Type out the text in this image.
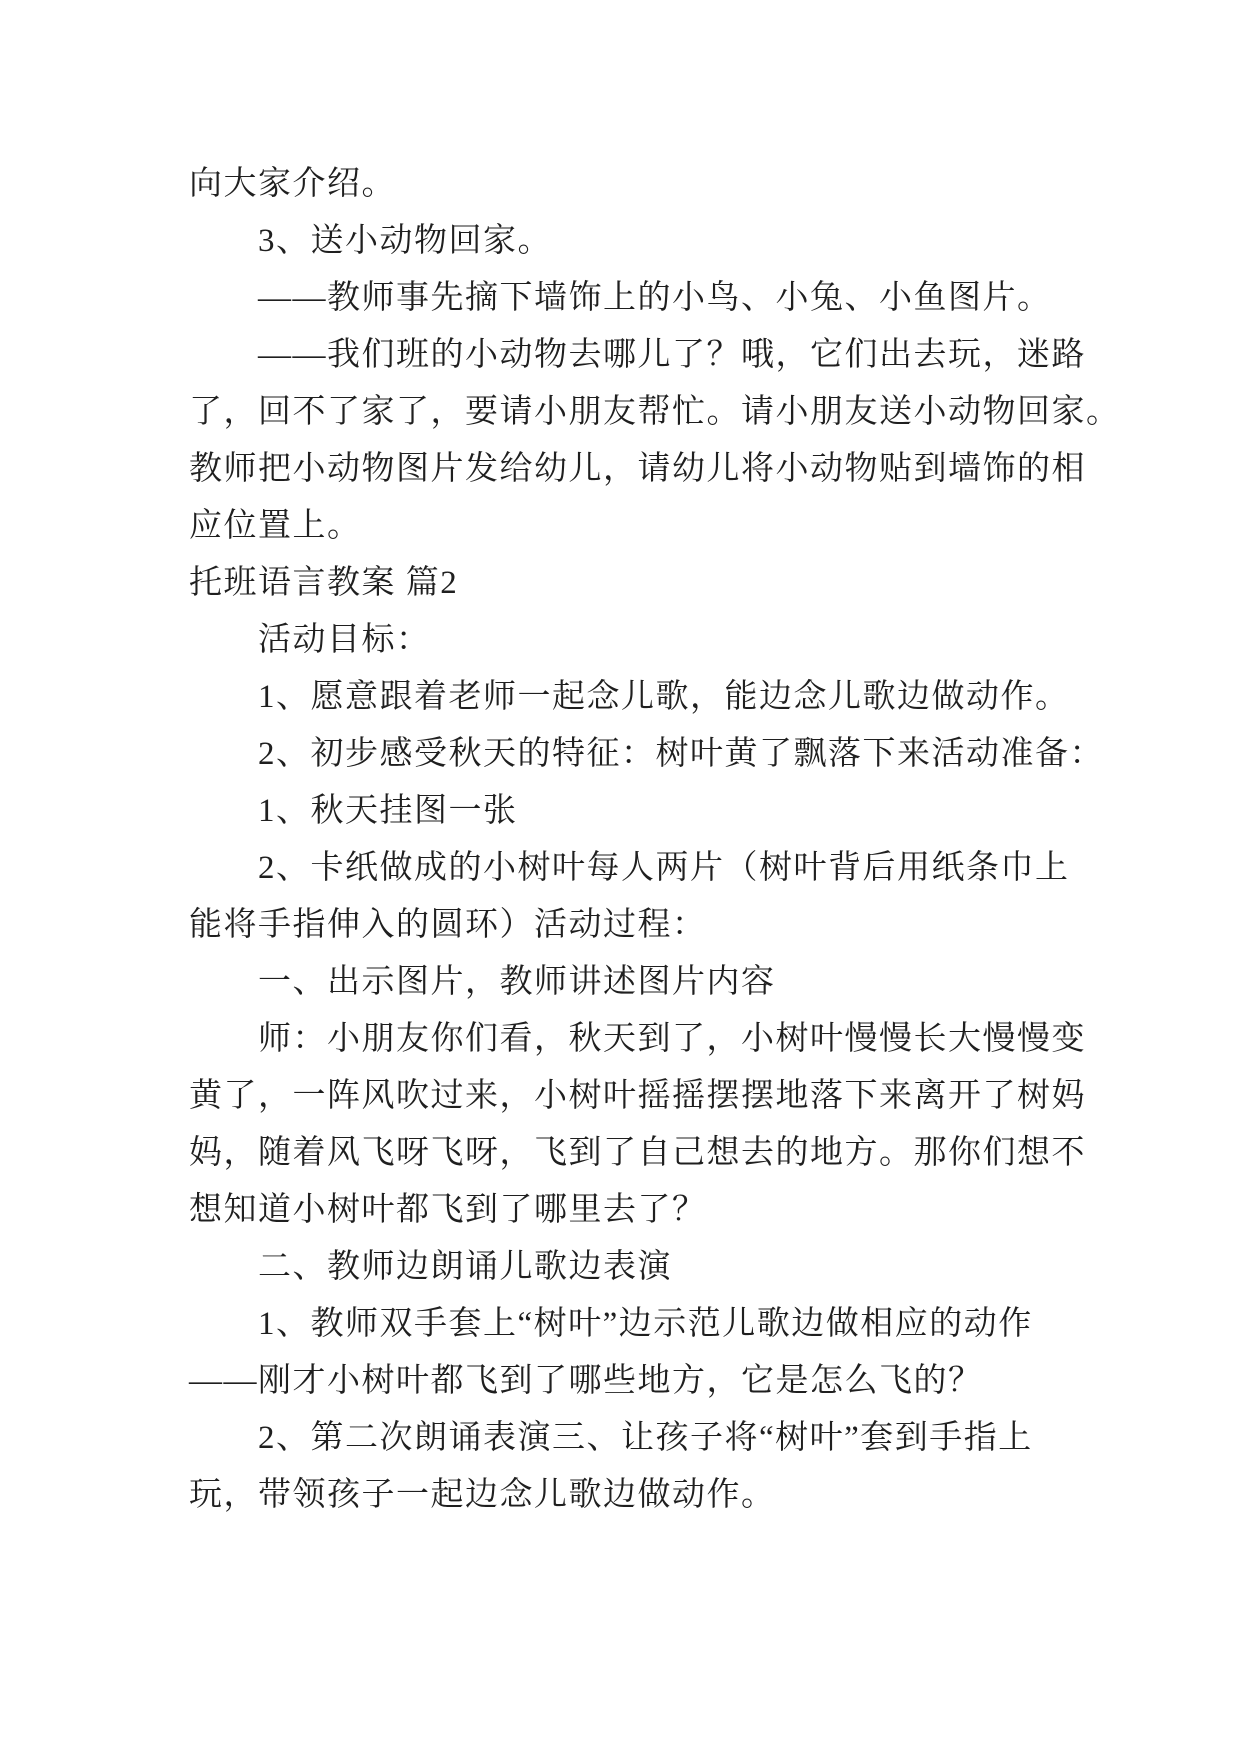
向大家介绍。
3、送小动物回家。
——教师事先摘下墙饰上的小鸟、小兔、小鱼图片。
——我们班的小动物去哪儿了？哦，它们出去玩，迷路
了，回不了家了，要请小朋友帮忙。请小朋友送小动物回家。
教师把小动物图片发给幼儿，请幼儿将小动物贴到墙饰的相
应位置上。
托班语言教案 篇2
活动目标：
1、愿意跟着老师一起念儿歌，能边念儿歌边做动作。
2、初步感受秋天的特征：树叶黄了飘落下来活动准备：
1、秋天挂图一张
2、卡纸做成的小树叶每人两片（树叶背后用纸条巾上
能将手指伸入的圆环）活动过程：
一、出示图片，教师讲述图片内容
师：小朋友你们看，秋天到了，小树叶慢慢长大慢慢变
黄了，一阵风吹过来，小树叶摇摇摆摆地落下来离开了树妈
妈，随着风飞呀飞呀，飞到了自己想去的地方。那你们想不
想知道小树叶都飞到了哪里去了？
二、教师边朗诵儿歌边表演
1、教师双手套上“树叶”边示范儿歌边做相应的动作
——刚才小树叶都飞到了哪些地方，它是怎么飞的？
2、第二次朗诵表演三、让孩子将“树叶”套到手指上
玩，带领孩子一起边念儿歌边做动作。
